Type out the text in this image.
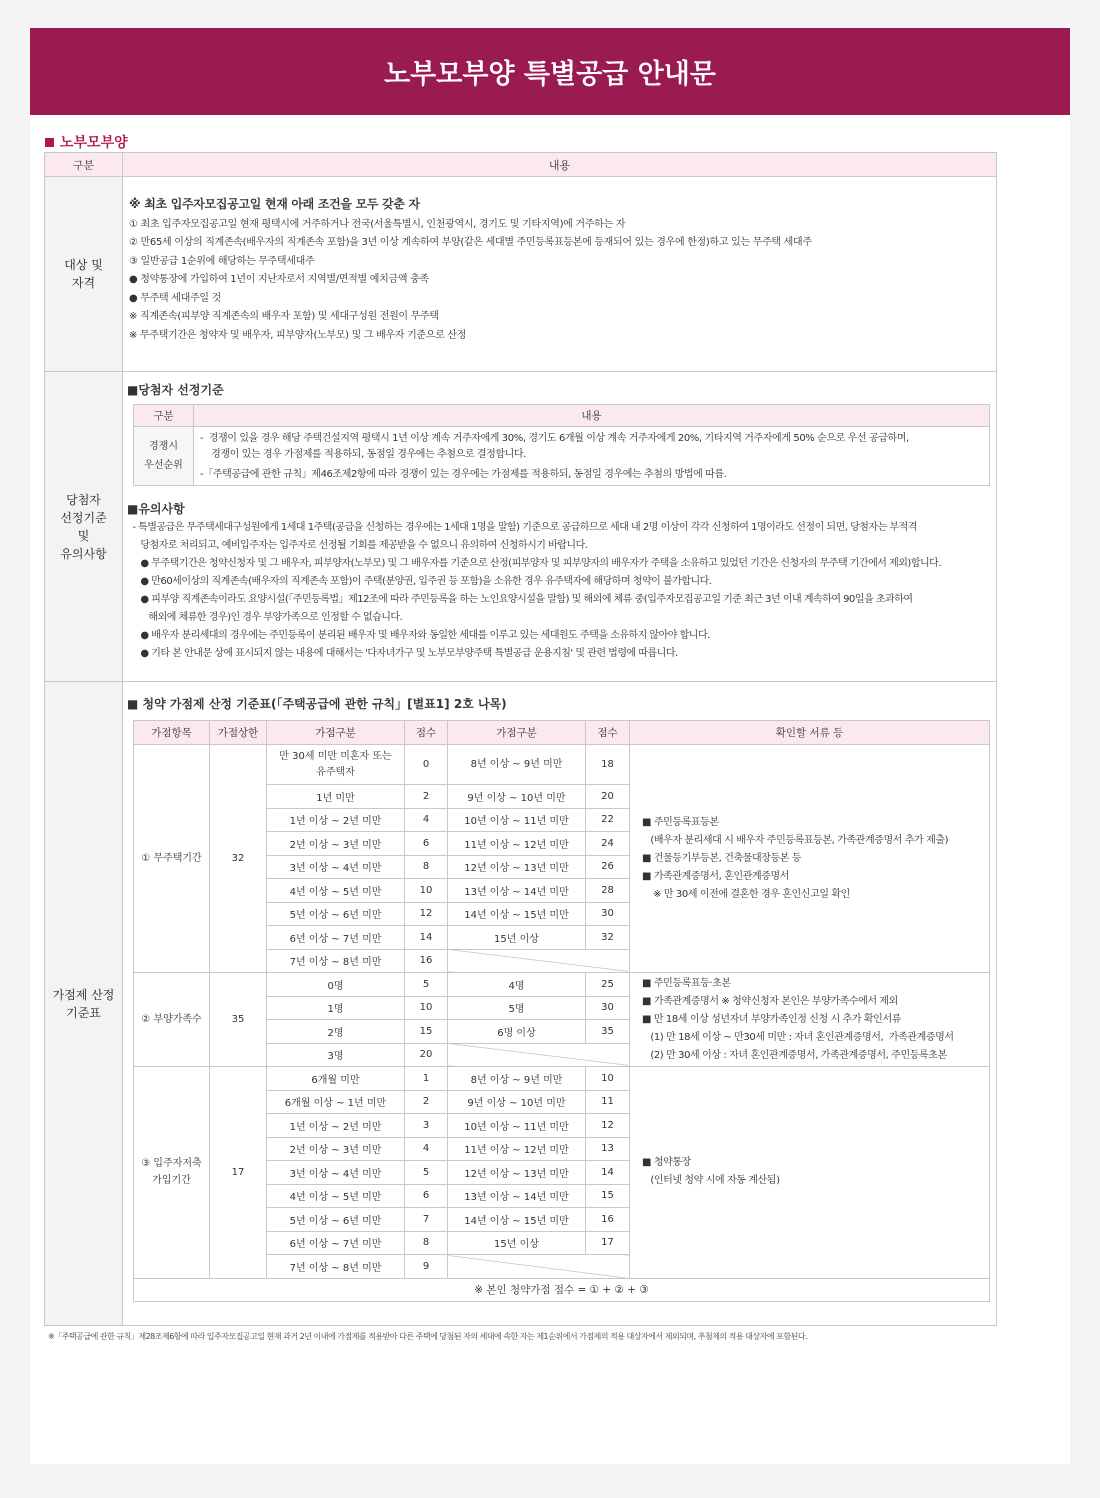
노부모부양 특별공급 안내문
노부모부양
구분	내용
대상 및
자격	
※ 최초 입주자모집공고일 현재 아래 조건을 모두 갖춘 자
① 최초 입주자모집공고일 현재 평택시에 거주하거나 전국(서울특별시, 인천광역시, 경기도 및 기타지역)에 거주하는 자
② 만65세 이상의 직계존속(배우자의 직계존속 포함)을 3년 이상 계속하여 부양(같은 세대별 주민등록표등본에 등재되어 있는 경우에 한정)하고 있는 무주택 세대주
③ 일반공급 1순위에 해당하는 무주택세대주
● 청약통장에 가입하여 1년이 지난자로서 지역별/면적별 예치금액 충족
● 무주택 세대주일 것
※ 직계존속(피부양 직계존속의 배우자 포함) 및 세대구성원 전원이 무주택
※ 무주택기간은 청약자 및 배우자, 피부양자(노부모) 및 그 배우자 기준으로 산정

당첨자
선정기준
및
유의사항	
■당첨자 선정기준
구분	내용
경쟁시
우선순위	
-  경쟁이 있을 경우 해당 주택건설지역 평택시 1년 이상 계속 거주자에게 30%, 경기도 6개월 이상 계속 거주자에게 20%, 기타지역 거주자에게 50% 순으로 우선 공급하며,
경쟁이 있는 경우 가점제를 적용하되, 동점일 경우에는 추첨으로 결정합니다.
-「주택공급에 관한 규칙」제46조제2항에 따라 경쟁이 있는 경우에는 가점제를 적용하되, 동점일 경우에는 추첨의 방법에 따름.
■유의사항
- 특별공급은 무주택세대구성원에게 1세대 1주택(공급을 신청하는 경우에는 1세대 1명을 말함) 기준으로 공급하므로 세대 내 2명 이상이 각각 신청하여 1명이라도 선정이 되면, 당첨자는 부적격
당첨자로 처리되고, 예비입주자는 입주자로 선정될 기회를 제공받을 수 없으니 유의하여 신청하시기 바랍니다.
● 무주택기간은 청약신청자 및 그 배우자, 피부양자(노부모) 및 그 배우자를 기준으로 산정(피부양자 및 피부양자의 배우자가 주택을 소유하고 있었던 기간은 신청자의 무주택 기간에서 제외)합니다.
● 만60세이상의 직계존속(배우자의 직계존속 포함)이 주택(분양권, 입주권 등 포함)을 소유한 경우 유주택자에 해당하며 청약이 불가합니다.
● 피부양 직계존속이라도 요양시설(「주민등록법」제12조에 따라 주민등록을 하는 노인요양시설을 말함) 및 해외에 체류 중(입주자모집공고일 기준 최근 3년 이내 계속하여 90일을 초과하여
해외에 체류한 경우)인 경우 부양가족으로 인정할 수 없습니다.
● 배우자 분리세대의 경우에는 주민등록이 분리된 배우자 및 배우자와 동일한 세대를 이루고 있는 세대원도 주택을 소유하지 않아야 합니다.
● 기타 본 안내문 상에 표시되지 않는 내용에 대해서는 '다자녀가구 및 노부모부양주택 특별공급 운용지침' 및 관련 법령에 따릅니다.

가점제 산정
기준표	
■ 청약 가점제 산정 기준표(「주택공급에 관한 규칙」[별표1] 2호 나목)
가점항목	가점상한	가점구분	점수	가점구분	점수	확인할 서류 등
① 무주택기간	32	만 30세 미만 미혼자 또는
유주택자	0	8년 이상 ~ 9년 미만	18	■ 주민등록표등본
(배우자 분리세대 시 배우자 주민등록표등본, 가족관계증명서 추가 제출)
■ 건물등기부등본, 건축물대장등본 등
■ 가족관계증명서, 혼인관계증명서
※ 만 30세 이전에 결혼한 경우 혼인신고일 확인
1년 미만	2	9년 이상 ~ 10년 미만	20
1년 이상 ~ 2년 미만	4	10년 이상 ~ 11년 미만	22
2년 이상 ~ 3년 미만	6	11년 이상 ~ 12년 미만	24
3년 이상 ~ 4년 미만	8	12년 이상 ~ 13년 미만	26
4년 이상 ~ 5년 미만	10	13년 이상 ~ 14년 미만	28
5년 이상 ~ 6년 미만	12	14년 이상 ~ 15년 미만	30
6년 이상 ~ 7년 미만	14	15년 이상	32
7년 이상 ~ 8년 미만	16	
② 부양가족수	35	0명	5	4명	25	■ 주민등록표등·초본
■ 가족관계증명서 ※ 청약신청자 본인은 부양가족수에서 제외
■ 만 18세 이상 성년자녀 부양가족인정 신청 시 추가 확인서류
(1) 만 18세 이상 ~ 만30세 미만 : 자녀 혼인관계증명서,  가족관계증명서
(2) 만 30세 이상 : 자녀 혼인관계증명서, 가족관계증명서, 주민등록초본
1명	10	5명	30
2명	15	6명 이상	35
3명	20	
③ 입주자저축
가입기간	17	6개월 미만	1	8년 이상 ~ 9년 미만	10	■ 청약통장
(인터넷 청약 시에 자동 계산됨)
6개월 이상 ~ 1년 미만	2	9년 이상 ~ 10년 미만	11
1년 이상 ~ 2년 미만	3	10년 이상 ~ 11년 미만	12
2년 이상 ~ 3년 미만	4	11년 이상 ~ 12년 미만	13
3년 이상 ~ 4년 미만	5	12년 이상 ~ 13년 미만	14
4년 이상 ~ 5년 미만	6	13년 이상 ~ 14년 미만	15
5년 이상 ~ 6년 미만	7	14년 이상 ~ 15년 미만	16
6년 이상 ~ 7년 미만	8	15년 이상	17
7년 이상 ~ 8년 미만	9	
※ 본인 청약가점 점수 = ① + ② + ③
※「주택공급에 관한 규칙」제28조제6항에 따라 입주자모집공고일 현재 과거 2년 이내에 가점제를 적용받아 다른 주택에 당첨된 자의 세대에 속한 자는 제1순위에서 가점제의 적용 대상자에서 제외되며, 추첨제의 적용 대상자에 포함된다.
